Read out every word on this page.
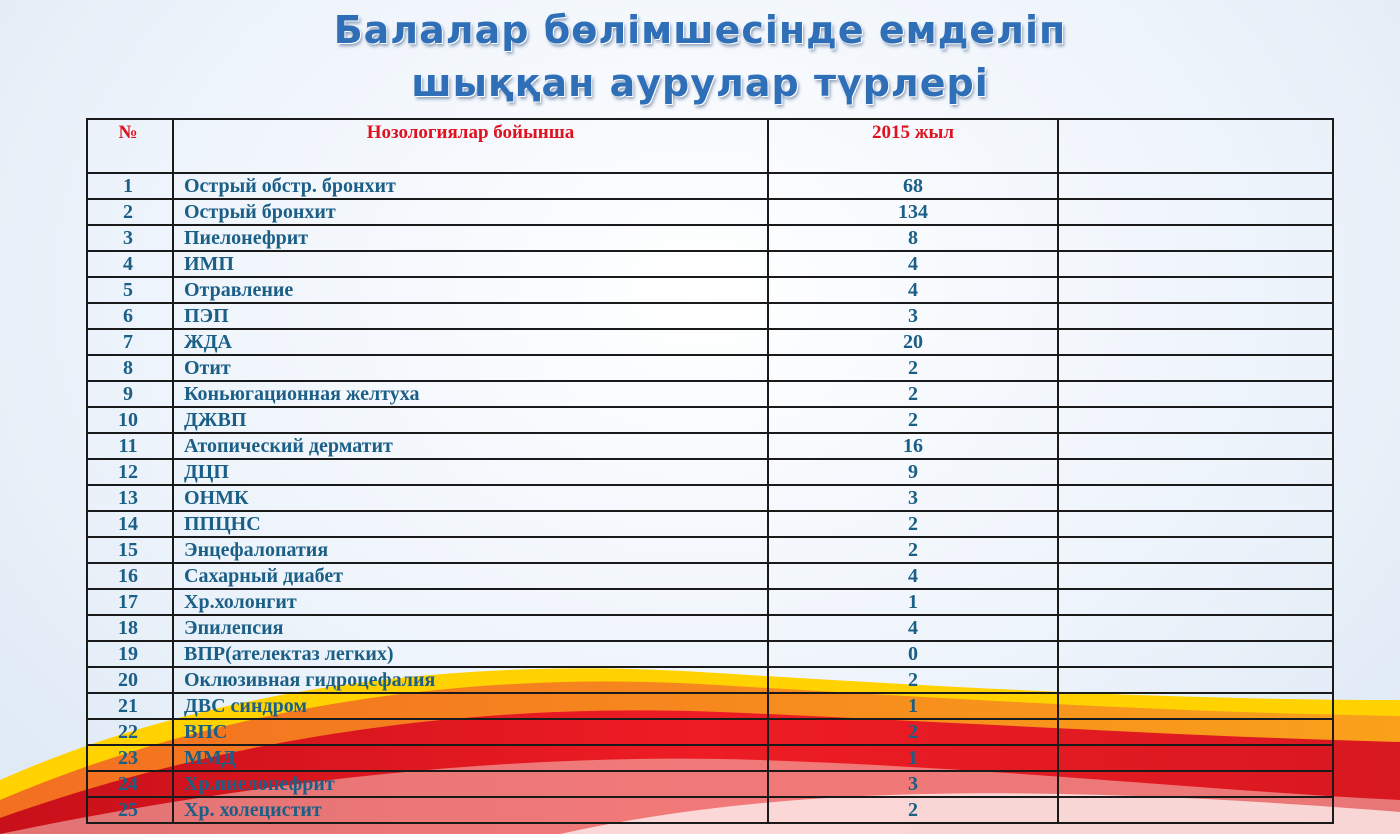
Балалар бөлімшесінде емделіп
шыққан аурулар түрлері
№	Нозологиялар бойынша	2015 жыл	
1	Острый обстр. бронхит	68	
2	Острый бронхит	134	
3	Пиелонефрит	8	
4	ИМП	4	
5	Отравление	4	
6	ПЭП	3	
7	ЖДА	20	
8	Отит	2	
9	Коньюгационная желтуха	2	
10	ДЖВП	2	
11	Атопический дерматит	16	
12	ДЦП	9	
13	ОНМК	3	
14	ППЦНС	2	
15	Энцефалопатия	2	
16	Сахарный диабет	4	
17	Хр.холонгит	1	
18	Эпилепсия	4	
19	ВПР(ателектаз легких)	0	
20	Оклюзивная гидроцефалия	2	
21	ДВС синдром	1	
22	ВПС	2	
23	ММД	1	
24	Хр.пиелонефрит	3	
25	Хр. холецистит	2	
